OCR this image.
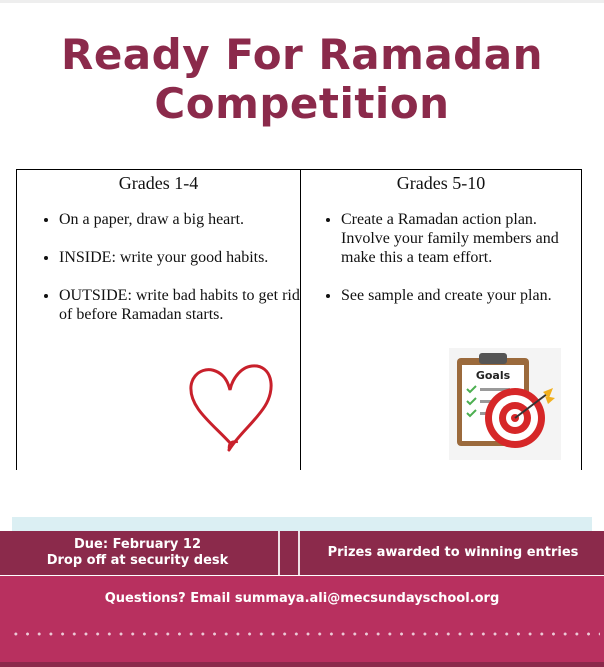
Ready For Ramadan
Competition
Grades 1-4
• On a paper, draw a big heart.
• INSIDE: write your good habits.
• OUTSIDE: write bad habits to get rid of before Ramadan starts.
Grades 5-10
• Create a Ramadan action plan. Involve your family members and make this a team effort.
• See sample and create your plan.
Goals
Due: February 12
Drop off at security desk
Prizes awarded to winning entries
Questions? Email summaya.ali@mecsundayschool.org
